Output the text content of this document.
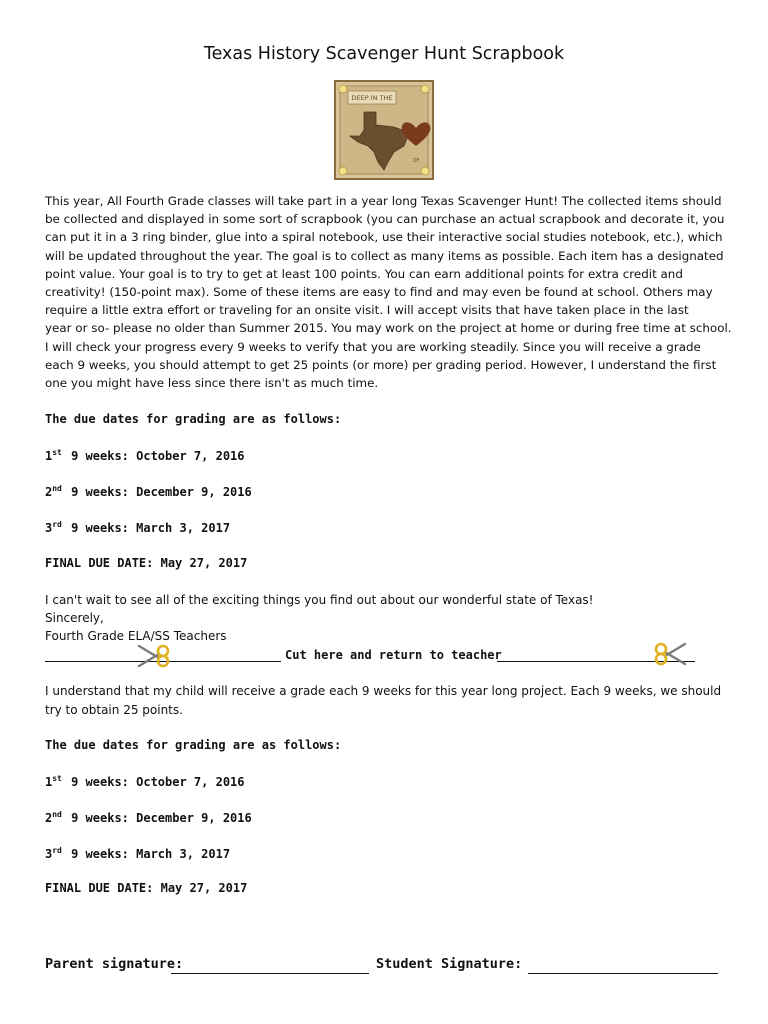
Texas History Scavenger Hunt Scrapbook
DEEP IN THE
OF
This year, All Fourth Grade classes will take part in a year long Texas Scavenger Hunt! The collected items should
be collected and displayed in some sort of scrapbook (you can purchase an actual scrapbook and decorate it, you
can put it in a 3 ring binder, glue into a spiral notebook, use their interactive social studies notebook, etc.), which
will be updated throughout the year. The goal is to collect as many items as possible. Each item has a designated
point value. Your goal is to try to get at least 100 points. You can earn additional points for extra credit and
creativity! (150-point max). Some of these items are easy to find and may even be found at school. Others may
require a little extra effort or traveling for an onsite visit. I will accept visits that have taken place in the last
year or so- please no older than Summer 2015. You may work on the project at home or during free time at school.
I will check your progress every 9 weeks to verify that you are working steadily. Since you will receive a grade
each 9 weeks, you should attempt to get 25 points (or more) per grading period. However, I understand the first
one you might have less since there isn't as much time.
The due dates for grading are as follows:
1st 9 weeks: October 7, 2016
2nd 9 weeks: December 9, 2016
3rd 9 weeks: March 3, 2017
FINAL DUE DATE: May 27, 2017
I can't wait to see all of the exciting things you find out about our wonderful state of Texas!
Sincerely,
Fourth Grade ELA/SS Teachers
Cut here and return to teacher
I understand that my child will receive a grade each 9 weeks for this year long project. Each 9 weeks, we should
try to obtain 25 points.
The due dates for grading are as follows:
1st 9 weeks: October 7, 2016
2nd 9 weeks: December 9, 2016
3rd 9 weeks: March 3, 2017
FINAL DUE DATE: May 27, 2017
Parent signature:	Student Signature:
